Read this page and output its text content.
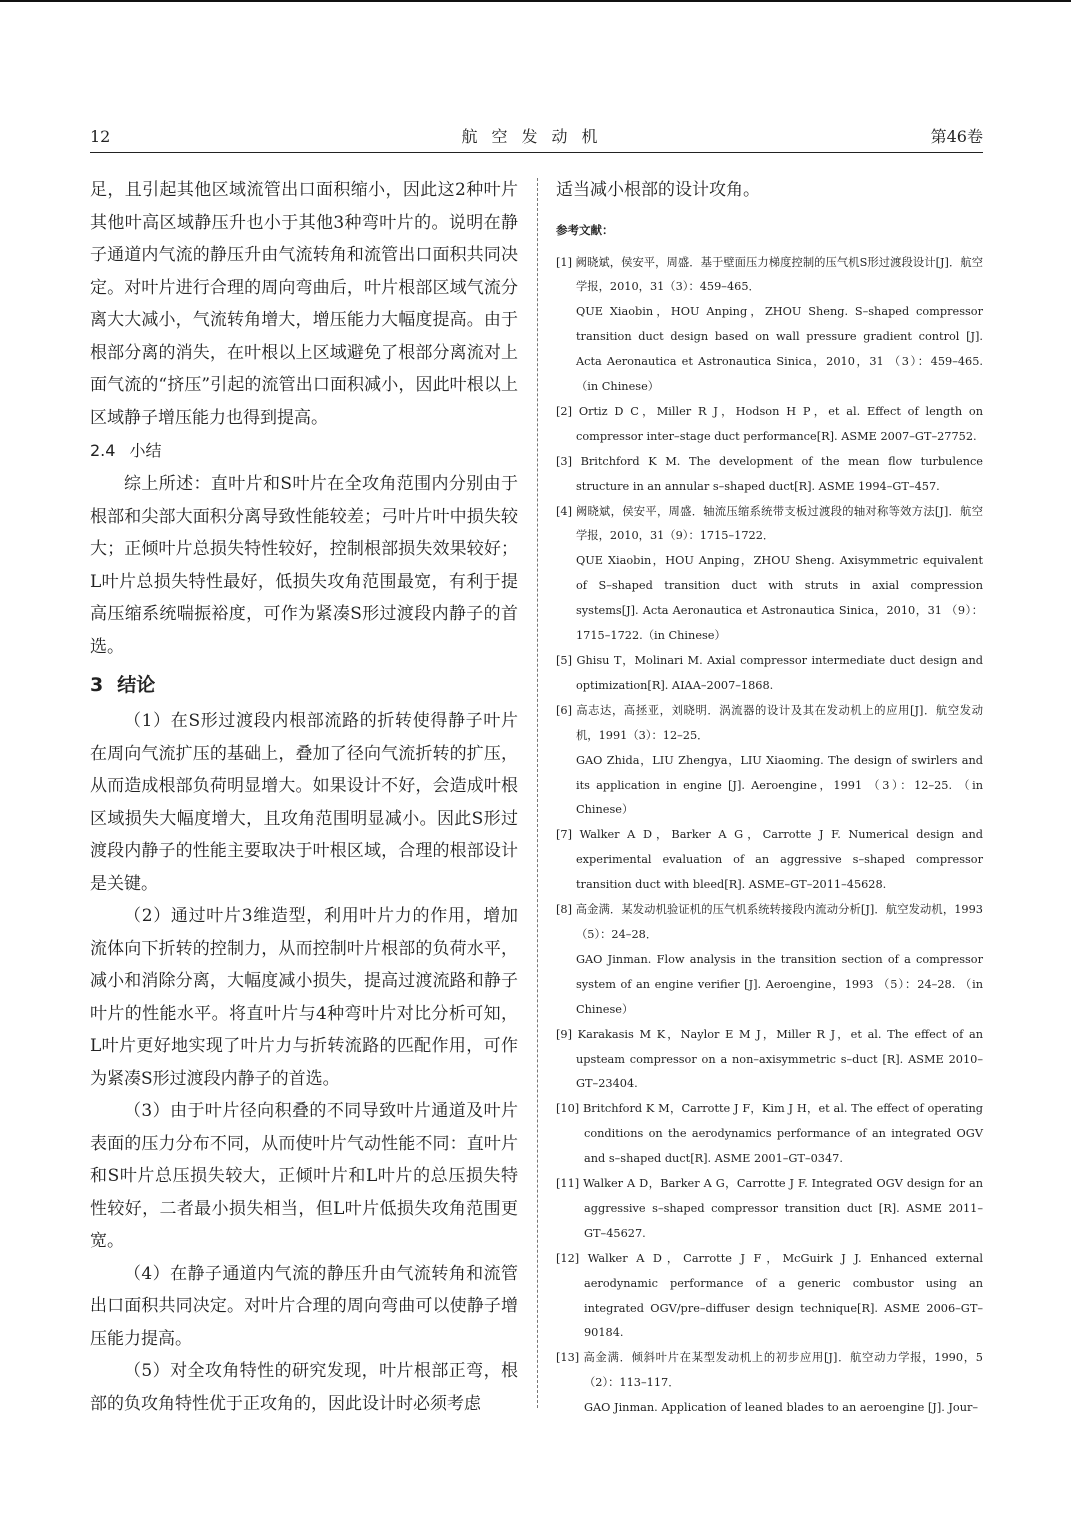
12	航空发动机	第46卷

足，且引起其他区域流管出口面积缩小，因此这2种叶片其他叶高区域静压升也小于其他3种弯叶片的。说明在静子通道内气流的静压升由气流转角和流管出口面积共同决定。对叶片进行合理的周向弯曲后，叶片根部区域气流分离大大减小，气流转角增大，增压能力大幅度提高。由于根部分离的消失，在叶根以上区域避免了根部分离流对上面气流的“挤压”引起的流管出口面积减小，因此叶根以上区域静子增压能力也得到提高。

2.4 小结

综上所述：直叶片和S叶片在全攻角范围内分别由于根部和尖部大面积分离导致性能较差；弓叶片叶中损失较大；正倾叶片总损失特性较好，控制根部损失效果较好；L叶片总损失特性最好，低损失攻角范围最宽，有利于提高压缩系统喘振裕度，可作为紧凑S形过渡段内静子的首选。

3 结论

（1）在S形过渡段内根部流路的折转使得静子叶片在周向气流扩压的基础上，叠加了径向气流折转的扩压，从而造成根部负荷明显增大。如果设计不好，会造成叶根区域损失大幅度增大，且攻角范围明显减小。因此S形过渡段内静子的性能主要取决于叶根区域，合理的根部设计是关键。

（2）通过叶片3维造型，利用叶片力的作用，增加流体向下折转的控制力，从而控制叶片根部的负荷水平，减小和消除分离，大幅度减小损失，提高过渡流路和静子叶片的性能水平。将直叶片与4种弯叶片对比分析可知，L叶片更好地实现了叶片力与折转流路的匹配作用，可作为紧凑S形过渡段内静子的首选。

（3）由于叶片径向积叠的不同导致叶片通道及叶片表面的压力分布不同，从而使叶片气动性能不同：直叶片和S叶片总压损失较大，正倾叶片和L叶片的总压损失特性较好，二者最小损失相当，但L叶片低损失攻角范围更宽。

（4）在静子通道内气流的静压升由气流转角和流管出口面积共同决定。对叶片合理的周向弯曲可以使静子增压能力提高。

（5）对全攻角特性的研究发现，叶片根部正弯，根部的负攻角特性优于正攻角的，因此设计时必须考虑

适当减小根部的设计攻角。

参考文献：
[1] 阙晓斌，侯安平，周盛．基于壁面压力梯度控制的压气机S形过渡段设计[J]．航空学报，2010，31（3）：459–465．
QUE Xiaobin，HOU Anping，ZHOU Sheng. S–shaped compressor transition duct design based on wall pressure gradient control [J]. Acta Aeronautica et Astronautica Sinica，2010，31 （3）：459–465.（in Chinese）
[2] Ortiz D C，Miller R J，Hodson H P，et al. Effect of length on compressor inter–stage duct performance[R]. ASME 2007–GT–27752.
[3] Britchford K M. The development of the mean flow turbulence structure in an annular s–shaped duct[R]. ASME 1994–GT–457.
[4] 阙晓斌，侯安平，周盛．轴流压缩系统带支板过渡段的轴对称等效方法[J]．航空学报，2010，31（9）：1715–1722．
QUE Xiaobin，HOU Anping，ZHOU Sheng. Axisymmetric equivalent of S–shaped transition duct with struts in axial compression systems[J]. Acta Aeronautica et Astronautica Sinica，2010，31 （9）：1715–1722.（in Chinese）
[5] Ghisu T，Molinari M. Axial compressor intermediate duct design and optimization[R]. AIAA–2007–1868.
[6] 高志达，高拯亚，刘晓明．涡流器的设计及其在发动机上的应用[J]．航空发动机，1991（3）：12–25．
GAO Zhida，LIU Zhengya，LIU Xiaoming. The design of swirlers and its application in engine [J]. Aeroengine，1991 （3）：12–25. （in Chinese）
[7] Walker A D，Barker A G，Carrotte J F. Numerical design and experimental evaluation of an aggressive s–shaped compressor transition duct with bleed[R]. ASME–GT–2011–45628.
[8] 高金满．某发动机验证机的压气机系统转接段内流动分析[J]．航空发动机，1993（5）：24–28．
GAO Jinman. Flow analysis in the transition section of a compressor system of an engine verifier [J]. Aeroengine，1993 （5）：24–28. （in Chinese）
[9] Karakasis M K，Naylor E M J，Miller R J，et al. The effect of an upsteam compressor on a non–axisymmetric s–duct [R]. ASME 2010–GT–23404.
[10] Britchford K M，Carrotte J F，Kim J H，et al. The effect of operating conditions on the aerodynamics performance of an integrated OGV and s–shaped duct[R]. ASME 2001–GT–0347.
[11] Walker A D，Barker A G，Carrotte J F. Integrated OGV design for an aggressive s–shaped compressor transition duct [R]. ASME 2011–GT–45627.
[12] Walker A D，Carrotte J F，McGuirk J J. Enhanced external aerodynamic performance of a generic combustor using an integrated OGV/pre–diffuser design technique[R]. ASME 2006–GT–90184.
[13] 高金满．倾斜叶片在某型发动机上的初步应用[J]．航空动力学报，1990，5（2）：113–117．
GAO Jinman. Application of leaned blades to an aeroengine [J]. Jour–
